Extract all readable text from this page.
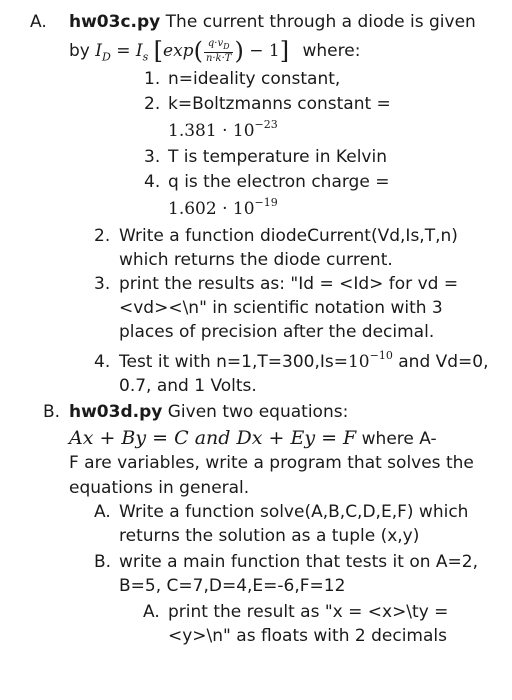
A. hw03c.py The current through a diode is given
by $I_D = I_s$ [$\exp( \frac{q\cdot v_D}{n\cdot k\cdot T}$ ) − 1] where:
1. n=ideality constant,
2. k=Boltzmanns constant =
$1.381 \cdot 10^{-23}$
3. T is temperature in Kelvin
4. q is the electron charge =
$1.602 \cdot 10^{-19}$
2. Write a function diodeCurrent(Vd,Is,T,n)
which returns the diode current.
3. print the results as: "Id = <Id> for vd =
<vd><\n" in scientific notation with 3
places of precision after the decimal.
4. Test it with $n=1,T=300,Is=10^{-10}$ and Vd=0,
0.7, and 1 Volts.
B. hw03d.py Given two equations:
Ax + By = C and Dx + Ey = F where A-
F are variables, write a program that solves the
equations in general.
A. Write a function solve(A,B,C,D,E,F) which
returns the solution as a tuple (x,y)
B. write a main function that tests it on A=2,
B=5, C=7,D=4,E=-6,F=12
A. print the result as "x = <x>\ty =
<y>\n" as floats with 2 decimals
